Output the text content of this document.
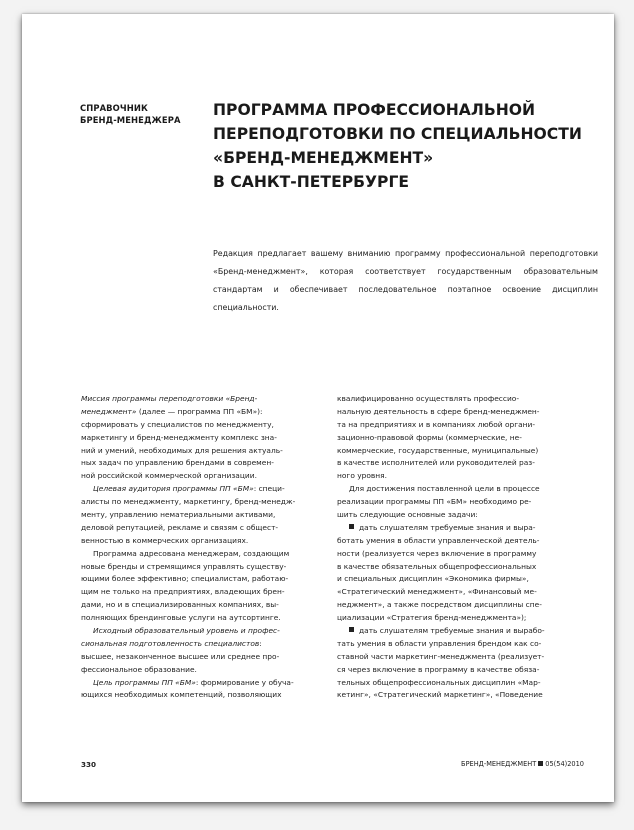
СПРАВОЧНИК
БРЕНД-МЕНЕДЖЕРА
ПРОГРАММА ПРОФЕССИОНАЛЬНОЙ
ПЕРЕПОДГОТОВКИ ПО СПЕЦИАЛЬНОСТИ
«БРЕНД-МЕНЕДЖМЕНТ»
В САНКТ-ПЕТЕРБУРГЕ
Редакция предлагает вашему вниманию программу профессиональной переподготовки «Бренд-менеджмент», которая соответствует государственным образовательным стандартам и обеспечивает последовательное поэтапное освоение дисциплин специальности.
Миссия программы переподготовки «Бренд-
менеджмент» (далее — программа ПП «БМ»):
сформировать у специалистов по менеджменту,
маркетингу и бренд-менеджменту комплекс зна-
ний и умений, необходимых для решения актуаль-
ных задач по управлению брендами в современ-
ной российской коммерческой организации.
Целевая аудитория программы ПП «БМ»: специ-
алисты по менеджменту, маркетингу, бренд-менедж-
менту, управлению нематериальными активами,
деловой репутацией, рекламе и связям с общест-
венностью в коммерческих организациях.
Программа адресована менеджерам, создающим
новые бренды и стремящимся управлять существу-
ющими более эффективно; специалистам, работаю-
щим не только на предприятиях, владеющих брен-
дами, но и в специализированных компаниях, вы-
полняющих брендинговые услуги на аутсортинге.
Исходный образовательный уровень и профес-
сиональная подготовленность специалистов:
высшее, незаконченное высшее или среднее про-
фессиональное образование.
Цель программы ПП «БМ»: формирование у обуча-
ющихся необходимых компетенций, позволяющих
квалифицированно осуществлять профессио-
нальную деятельность в сфере бренд-менеджмен-
та на предприятиях и в компаниях любой органи-
зационно-правовой формы (коммерческие, не-
коммерческие, государственные, муниципальные)
в качестве исполнителей или руководителей раз-
ного уровня.
Для достижения поставленной цели в процессе
реализации программы ПП «БМ» необходимо ре-
шить следующие основные задачи:
дать слушателям требуемые знания и выра-
ботать умения в области управленческой деятель-
ности (реализуется через включение в программу
в качестве обязательных общепрофессиональных
и специальных дисциплин «Экономика фирмы»,
«Стратегический менеджмент», «Финансовый ме-
неджмент», а также посредством дисциплины спе-
циализации «Стратегия бренд-менеджмента»);
дать слушателям требуемые знания и вырабо-
тать умения в области управления брендом как со-
ставной части маркетинг-менеджмента (реализует-
ся через включение в программу в качестве обяза-
тельных общепрофессиональных дисциплин «Мар-
кетинг», «Стратегический маркетинг», «Поведение
330	БРЕНД-МЕНЕДЖМЕНТ 05(54)2010
